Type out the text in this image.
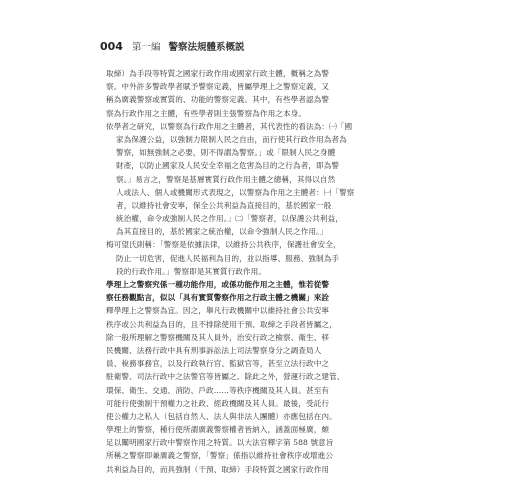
004 第一編 警察法規體系概説
取締）為手段等特質之國家行政作用或國家行政主體，概稱之為警
察。中外許多警政學者賦予警察定義，皆屬學理上之警察定義，又
稱為廣義警察或實質的、功能的警察定義。其中，有些學者認為警
察為行政作用之主體，有些學者則主張警察為作用之本身。
依學者之研究，以警察為行政作用之主體者，其代表性的看法為：㈠「國
家為保護公益，以強制力限制人民之自由，而行使其行政作用為者為
警察，如無強制之必要，則不得謂為警察。」或「限制人民之身體
財產，以防止國家及人民安全幸福之危害為目的之行為者，即為警
察。」易言之，警察是基層實質行政作用主體之總稱，其得以自然
人或法人、個人或機關形式表現之，以警察為作用之主體者：㈠「警察
者，以維持社會安寧，保全公共利益為直接目的，基於國家一般
統治權，命令或強制人民之作用。」㈡「警察者，以保護公共利益，
為其直接目的，基於國家之統治權，以命令強制人民之作用。」
梅可望氏則稱：「警察是依據法律，以維持公共秩序，保護社會安全，
防止一切危害，促進人民福利為目的，並以指導、服務、強制為手
段的行政作用。」警察即是其實質行政作用。
學理上之警察究係一種功能作用，或係功能作用之主體，惟若從警
察任務觀點言，似以「具有實質警察作用之行政主體之機關」來詮
釋學理上之警察為宜。因之，舉凡行政機關中以維持社會公共安寧
秩序或公共利益為目的，且不排除使用干預、取締之手段者皆屬之，
除一般所理解之警察機關及其人員外，治安行政之檢察、衛生、移
民機關、法務行政中具有刑事訴訟法上司法警察身分之調查局人
員、稅務事務官，以及行政執行官、監獄官等，甚至立法行政中之
駐衛警、司法行政中之法警官等皆屬之。除此之外，營運行政之建管、
環保、衛生、交通、消防、戶政……等秩序機關及其人員。甚至有
可能行使強制干預權力之社政、經政機關及其人員。最後，受託行
使公權力之私人（包括自然人、法人與非法人團體）亦應包括在內。
學理上的警察，種行使所謂廣義警察權者皆納入，涵蓋面極廣，頗
足以闡明國家行政中警察作用之特質。以大法官釋字第 588 號意旨
所稱之警察即兼廣義之警察，「警察」係指以維持社會秩序或增進公
共利益為目的，而具強制（干預、取締）手段特質之國家行政作用
